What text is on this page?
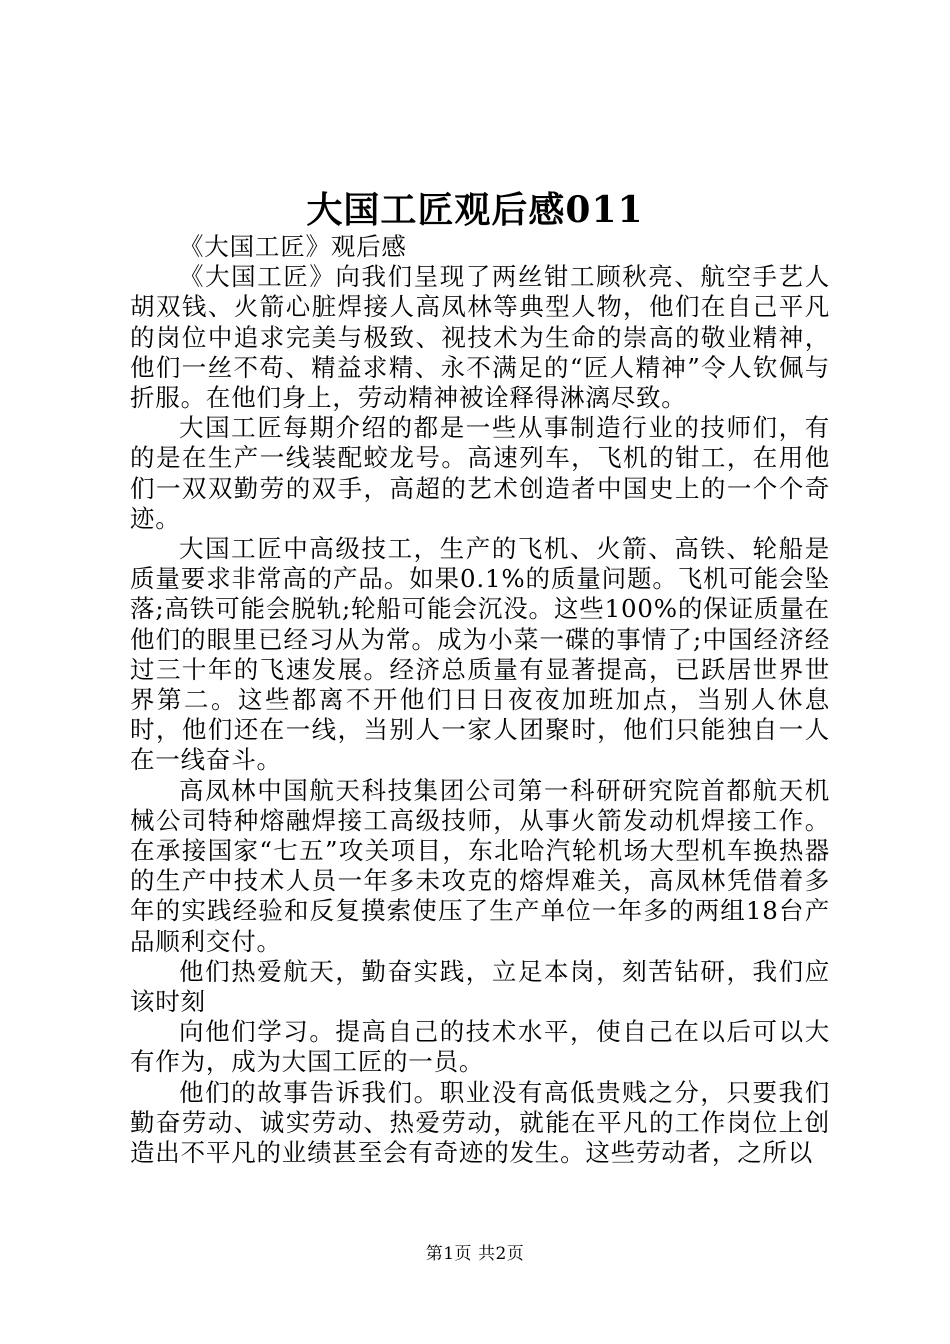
大国工匠观后感011

《大国工匠》观后感

《大国工匠》向我们呈现了两丝钳工顾秋亮、航空手艺人胡双钱、火箭心脏焊接人高凤林等典型人物，他们在自己平凡的岗位中追求完美与极致、视技术为生命的崇高的敬业精神，他们一丝不苟、精益求精、永不满足的“匠人精神”令人钦佩与折服。在他们身上，劳动精神被诠释得淋漓尽致。

大国工匠每期介绍的都是一些从事制造行业的技师们，有的是在生产一线装配蛟龙号。高速列车，飞机的钳工，在用他们一双双勤劳的双手，高超的艺术创造者中国史上的一个个奇迹。

大国工匠中高级技工，生产的飞机、火箭、高铁、轮船是质量要求非常高的产品。如果0.1%的质量问题。飞机可能会坠落;高铁可能会脱轨;轮船可能会沉没。这些100%的保证质量在他们的眼里已经习从为常。成为小菜一碟的事情了;中国经济经过三十年的飞速发展。经济总质量有显著提高，已跃居世界世界第二。这些都离不开他们日日夜夜加班加点，当别人休息时，他们还在一线，当别人一家人团聚时，他们只能独自一人在一线奋斗。

高凤林中国航天科技集团公司第一科研研究院首都航天机械公司特种熔融焊接工高级技师，从事火箭发动机焊接工作。在承接国家“七五”攻关项目，东北哈汽轮机场大型机车换热器的生产中技术人员一年多未攻克的熔焊难关，高凤林凭借着多年的实践经验和反复摸索使压了生产单位一年多的两组18台产品顺利交付。

他们热爱航天，勤奋实践，立足本岗，刻苦钻研，我们应该时刻

向他们学习。提高自己的技术水平，使自己在以后可以大有作为，成为大国工匠的一员。

他们的故事告诉我们。职业没有高低贵贱之分，只要我们勤奋劳动、诚实劳动、热爱劳动，就能在平凡的工作岗位上创造出不平凡的业绩甚至会有奇迹的发生。这些劳动者，之所以

第1页 共2页
